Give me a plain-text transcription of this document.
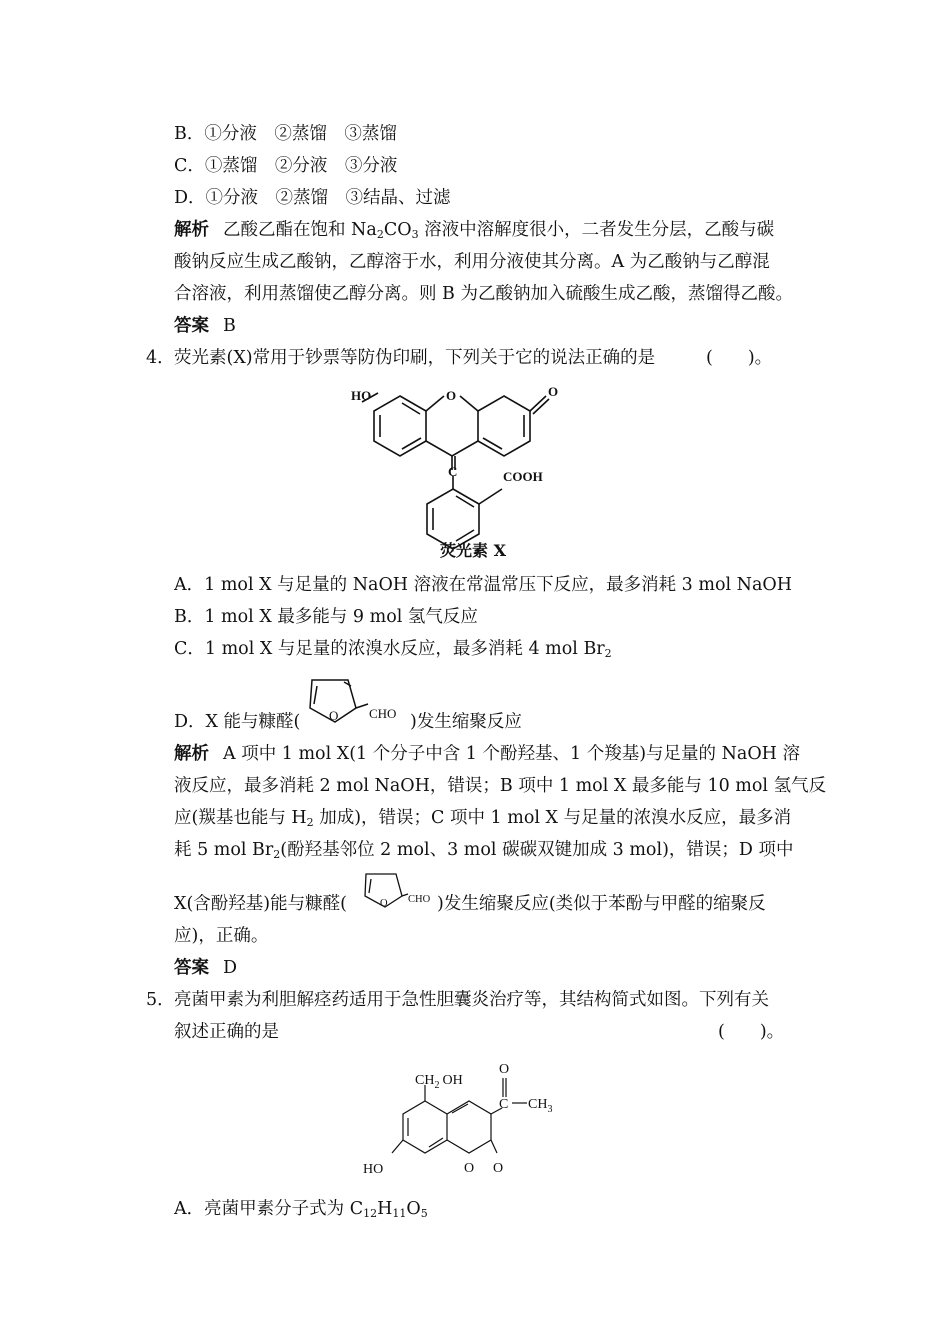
B．①分液　②蒸馏　③蒸馏
C．①蒸馏　②分液　③分液
D．①分液　②蒸馏　③结晶、过滤
解析 乙酸乙酯在饱和 $Na_2CO_3$ 溶液中溶解度很小，二者发生分层，乙酸与碳
酸钠反应生成乙酸钠，乙醇溶于水，利用分液使其分离。A 为乙酸钠与乙醇混
合溶液，利用蒸馏使乙醇分离。则 B 为乙酸钠加入硫酸生成乙酸，蒸馏得乙酸。
答案 B
4． 荧光素(X)常用于钞票等防伪印刷，下列关于它的说法正确的是	(　　)。
HO	O	O
C	COOH
荧光素 X
A．1 mol X 与足量的 NaOH 溶液在常温常压下反应，最多消耗 3 mol NaOH
B．1 mol X 最多能与 9 mol 氢气反应
C．1 mol X 与足量的浓溴水反应，最多消耗 4 mol $Br_2$
D．X 能与糠醛( O CHO )发生缩聚反应
解析 A 项中 1 mol X(1 个分子中含 1 个酚羟基、1 个羧基)与足量的 NaOH 溶
液反应，最多消耗 2 mol NaOH，错误；B 项中 1 mol X 最多能与 10 mol 氢气反
应(羰基也能与 $H_2$ 加成)，错误；C 项中 1 mol X 与足量的浓溴水反应，最多消
耗 5 mol $Br_2$(酚羟基邻位 2 mol、3 mol 碳碳双键加成 3 mol)，错误；D 项中
X(含酚羟基)能与糠醛(	O CHO )发生缩聚反应(类似于苯酚与甲醛的缩聚反
应)，正确。
答案 D
5． 亮菌甲素为利胆解痉药适用于急性胆囊炎治疗等，其结构简式如图。下列有关
叙述正确的是	(　　)。
$CH_2$ OH
O
C $CH_3$
HO	O O
A．亮菌甲素分子式为 $C_{12}H_{11}O_5$
